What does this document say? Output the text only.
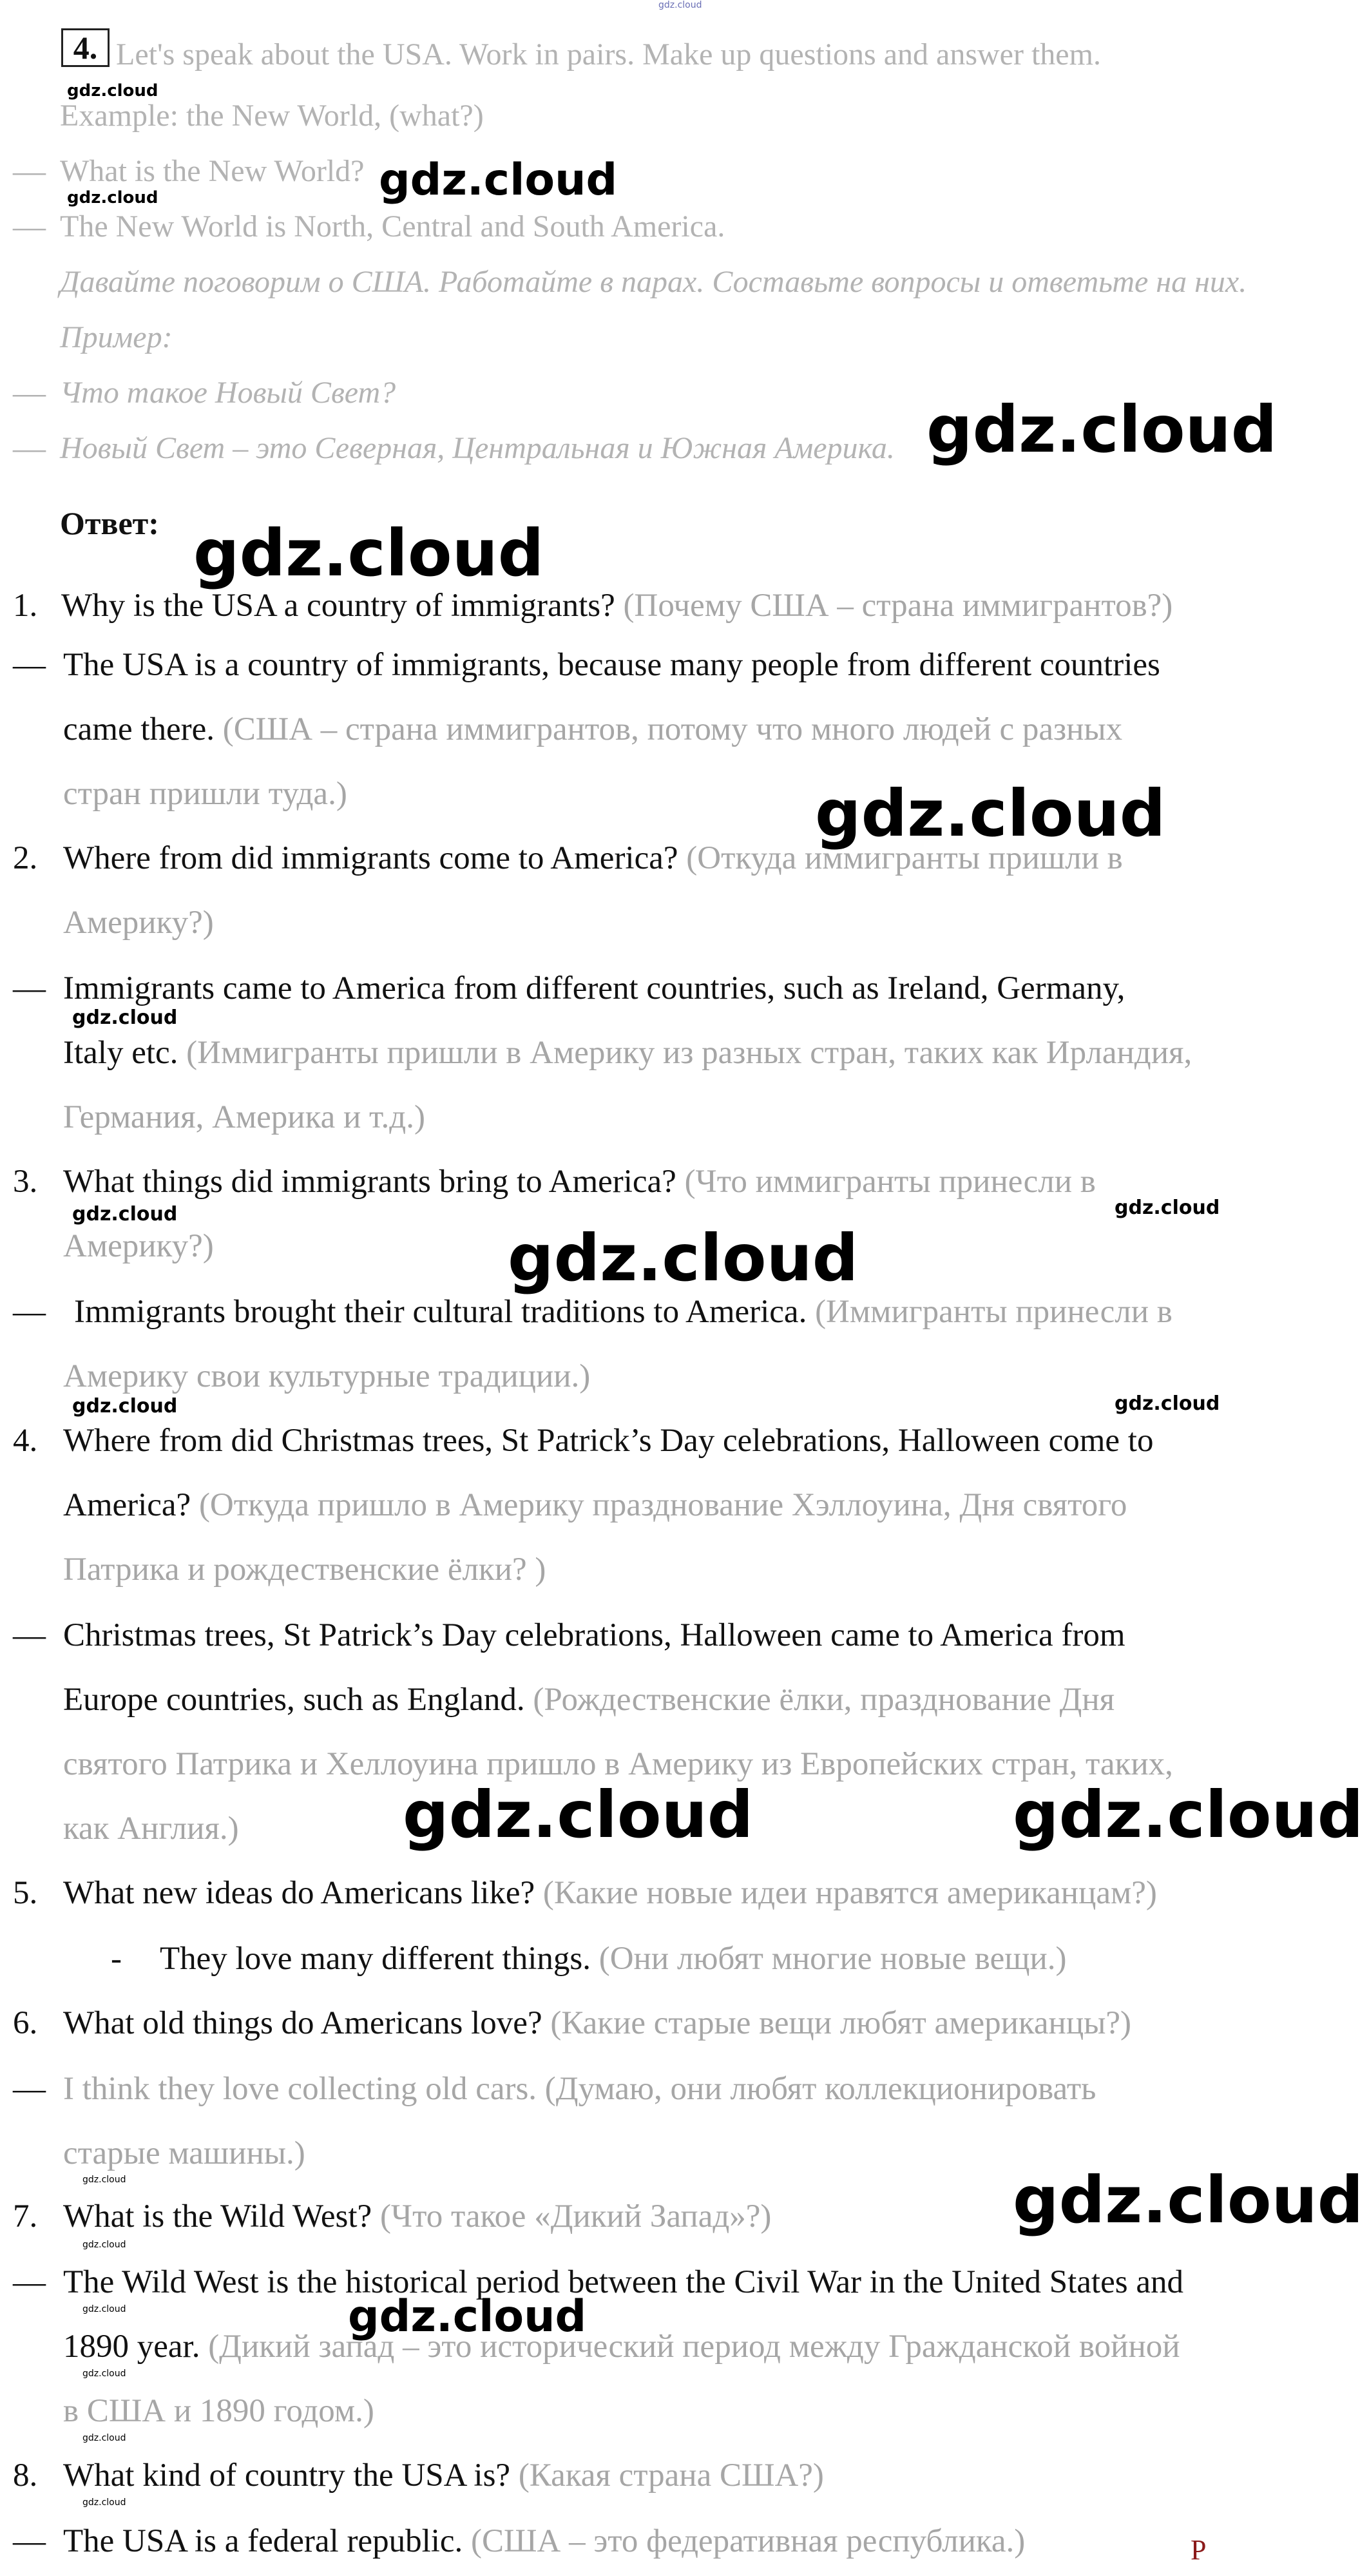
gdz.cloud
4. Let's speak about the USA. Work in pairs. Make up questions and answer them.
gdz.cloud
Example: the New World, (what?)
— What is the New World? gdz.cloud
gdz.cloud
— The New World is North, Central and South America.
Давайте поговорим о США. Работайте в парах. Составьте вопросы и ответьте на них.
Пример:
— Что такое Новый Свет?
— Новый Свет – это Северная, Центральная и Южная Америка. gdz.cloud
Ответ: gdz.cloud
1. Why is the USA a country of immigrants? (Почему США – страна иммигрантов?)
— The USA is a country of immigrants, because many people from different countries
came there. (США – страна иммигрантов, потому что много людей с разных
стран пришли туда.)	gdz.cloud
2. Where from did immigrants come to America? (Откуда иммигранты пришли в
Америку?)
— Immigrants came to America from different countries, such as Ireland, Germany,
gdz.cloud
Italy etc. (Иммигранты пришли в Америку из разных стран, таких как Ирландия,
Германия, Америка и т.д.)
3. What things did immigrants bring to America? (Что иммигранты принесли в
gdz.cloud	gdz.cloud
Америку?)	gdz.cloud
— Immigrants brought their cultural traditions to America. (Иммигранты принесли в
Америку свои культурные традиции.)
gdz.cloud	gdz.cloud
4. Where from did Christmas trees, St Patrick’s Day celebrations, Halloween come to
America? (Откуда пришло в Америку празднование Хэллоуина, Дня святого
Патрика и рождественские ёлки? )
— Christmas trees, St Patrick’s Day celebrations, Halloween came to America from
Europe countries, such as England. (Рождественские ёлки, празднование Дня
святого Патрика и Хеллоуина пришло в Америку из Европейских стран, таких,
как Англия.)	gdz.cloud	gdz.cloud
5. What new ideas do Americans like? (Какие новые идеи нравятся американцам?)
- They love many different things. (Они любят многие новые вещи.)
6. What old things do Americans love? (Какие старые вещи любят американцы?)
— I think they love collecting old cars. (Думаю, они любят коллекционировать
старые машины.)
gdz.cloud
7. What is the Wild West? (Что такое «Дикий Запад»?)	gdz.cloud
gdz.cloud
— The Wild West is the historical period between the Civil War in the United States and
gdz.cloud
gdz.cloud
1890 year. (Дикий запад – это исторический период между Гражданской войной
gdz.cloud
в США и 1890 годом.)
gdz.cloud
8. What kind of country the USA is? (Какая страна США?)
gdz.cloud
— The USA is a federal republic. (США – это федеративная республика.)	P
